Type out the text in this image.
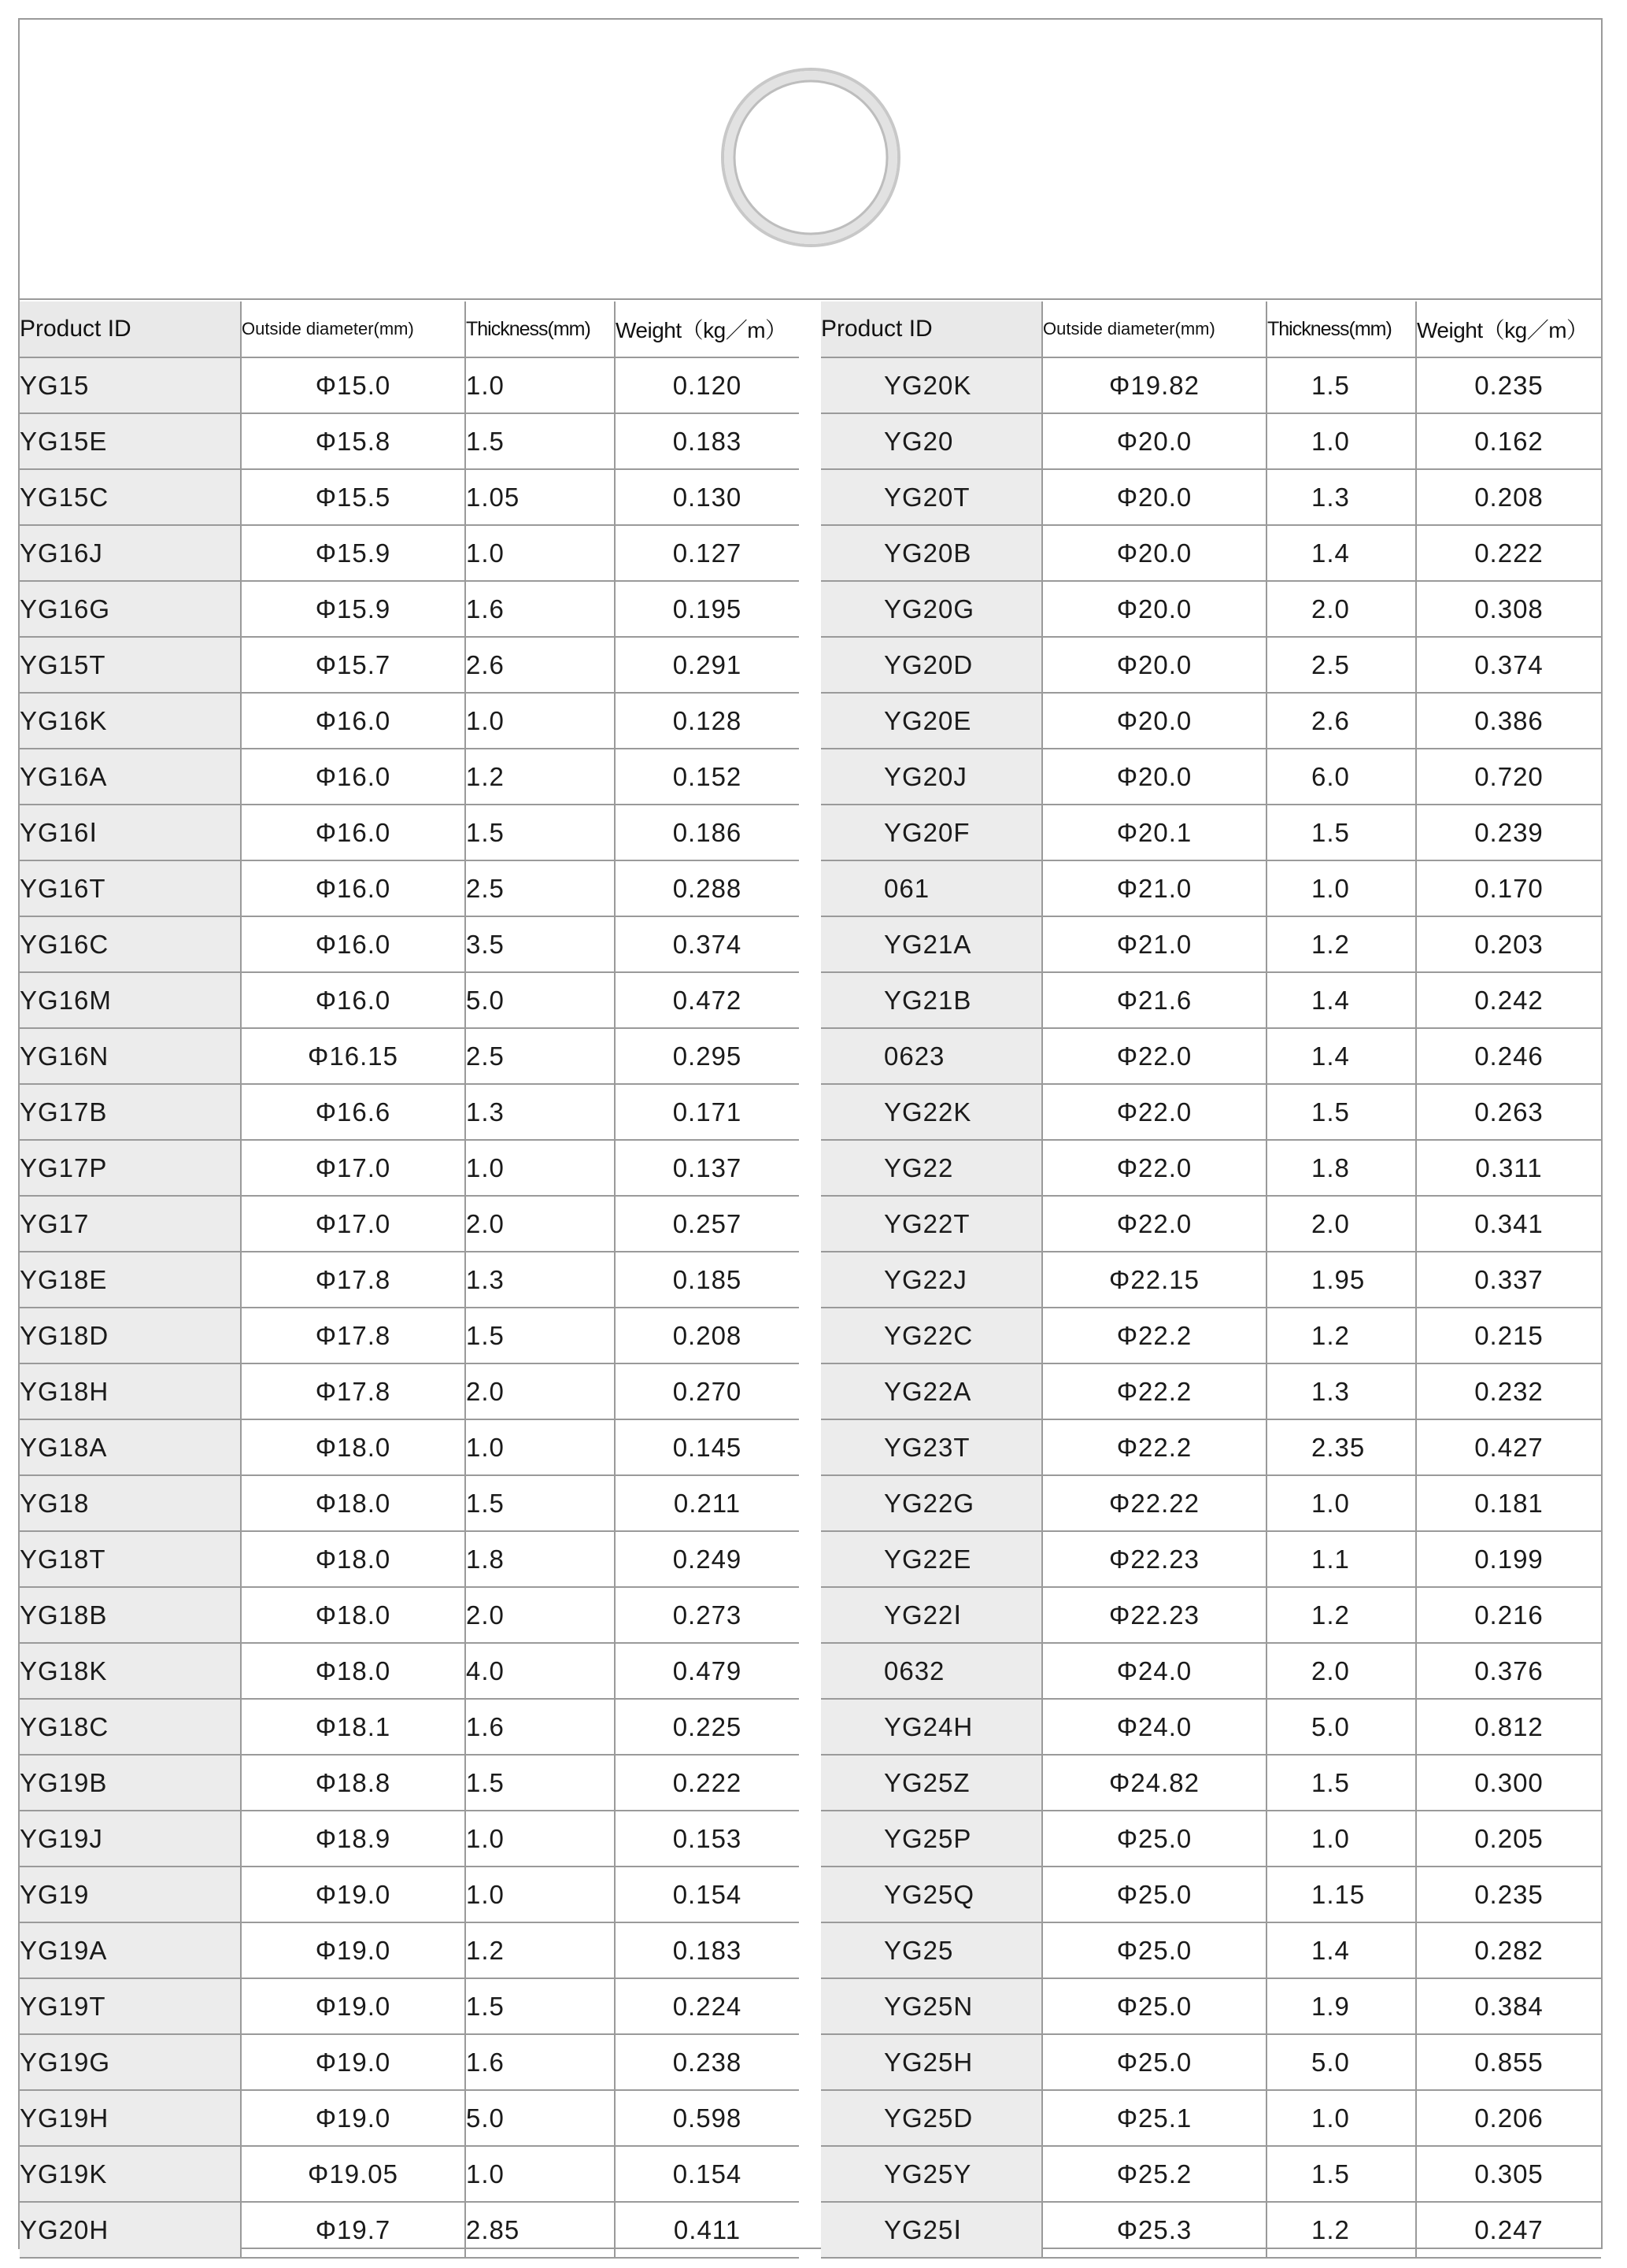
Product ID	Outside diameter(mm)	Thickness(mm)	Weight（kg／m）
YG15	Φ15.0	1.0	0.120
YG15E	Φ15.8	1.5	0.183
YG15C	Φ15.5	1.05	0.130
YG16J	Φ15.9	1.0	0.127
YG16G	Φ15.9	1.6	0.195
YG15T	Φ15.7	2.6	0.291
YG16K	Φ16.0	1.0	0.128
YG16A	Φ16.0	1.2	0.152
YG16Ⅰ	Φ16.0	1.5	0.186
YG16T	Φ16.0	2.5	0.288
YG16C	Φ16.0	3.5	0.374
YG16M	Φ16.0	5.0	0.472
YG16N	Φ16.15	2.5	0.295
YG17B	Φ16.6	1.3	0.171
YG17P	Φ17.0	1.0	0.137
YG17	Φ17.0	2.0	0.257
YG18E	Φ17.8	1.3	0.185
YG18D	Φ17.8	1.5	0.208
YG18H	Φ17.8	2.0	0.270
YG18A	Φ18.0	1.0	0.145
YG18	Φ18.0	1.5	0.211
YG18T	Φ18.0	1.8	0.249
YG18B	Φ18.0	2.0	0.273
YG18K	Φ18.0	4.0	0.479
YG18C	Φ18.1	1.6	0.225
YG19B	Φ18.8	1.5	0.222
YG19J	Φ18.9	1.0	0.153
YG19	Φ19.0	1.0	0.154
YG19A	Φ19.0	1.2	0.183
YG19T	Φ19.0	1.5	0.224
YG19G	Φ19.0	1.6	0.238
YG19H	Φ19.0	5.0	0.598
YG19K	Φ19.05	1.0	0.154
YG20H	Φ19.7	2.85	0.411
Product ID	Outside diameter(mm)	Thickness(mm)	Weight（kg／m）
YG20K	Φ19.82	1.5	0.235
YG20	Φ20.0	1.0	0.162
YG20T	Φ20.0	1.3	0.208
YG20B	Φ20.0	1.4	0.222
YG20G	Φ20.0	2.0	0.308
YG20D	Φ20.0	2.5	0.374
YG20E	Φ20.0	2.6	0.386
YG20J	Φ20.0	6.0	0.720
YG20F	Φ20.1	1.5	0.239
061	Φ21.0	1.0	0.170
YG21A	Φ21.0	1.2	0.203
YG21B	Φ21.6	1.4	0.242
0623	Φ22.0	1.4	0.246
YG22K	Φ22.0	1.5	0.263
YG22	Φ22.0	1.8	0.311
YG22T	Φ22.0	2.0	0.341
YG22J	Φ22.15	1.95	0.337
YG22C	Φ22.2	1.2	0.215
YG22A	Φ22.2	1.3	0.232
YG23T	Φ22.2	2.35	0.427
YG22G	Φ22.22	1.0	0.181
YG22E	Φ22.23	1.1	0.199
YG22Ⅰ	Φ22.23	1.2	0.216
0632	Φ24.0	2.0	0.376
YG24H	Φ24.0	5.0	0.812
YG25Z	Φ24.82	1.5	0.300
YG25P	Φ25.0	1.0	0.205
YG25Q	Φ25.0	1.15	0.235
YG25	Φ25.0	1.4	0.282
YG25N	Φ25.0	1.9	0.384
YG25H	Φ25.0	5.0	0.855
YG25D	Φ25.1	1.0	0.206
YG25Y	Φ25.2	1.5	0.305
YG25Ⅰ	Φ25.3	1.2	0.247
